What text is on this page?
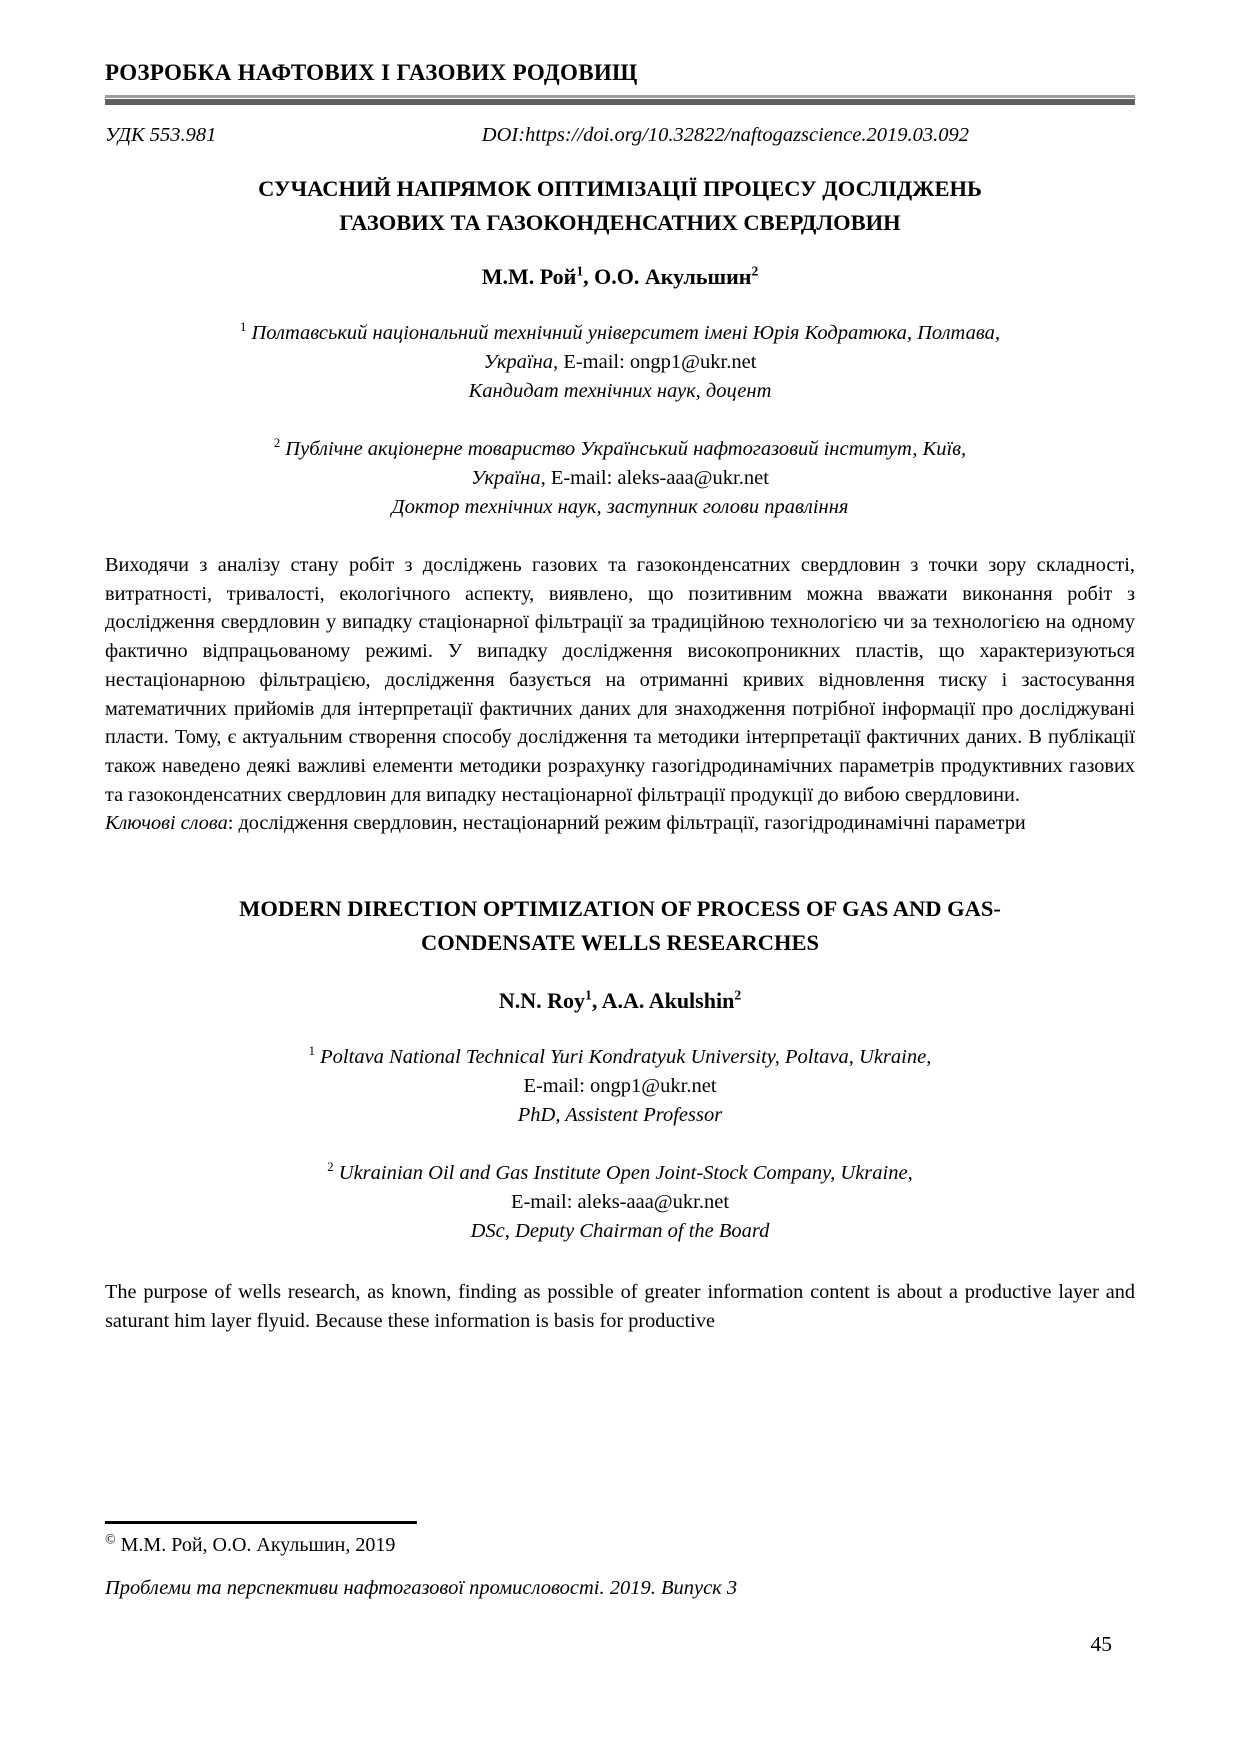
РОЗРОБКА НАФТОВИХ І ГАЗОВИХ РОДОВИЩ
УДК 553.981	DOI:https://doi.org/10.32822/naftogazscience.2019.03.092
СУЧАСНИЙ НАПРЯМОК ОПТИМІЗАЦІЇ ПРОЦЕСУ ДОСЛІДЖЕНЬ
ГАЗОВИХ ТА ГАЗОКОНДЕНСАТНИХ СВЕРДЛОВИН

М.М. Рой$^1$, О.О. Акульшин$^2$

$^1$ Полтавський національний технічний університет імені Юрія Кодратюка, Полтава,
Україна, E-mail: ongp1@ukr.net
Кандидат технічних наук, доцент
$^2$ Публічне акціонерне товариство Український нафтогазовий інститут, Київ,
Україна, E-mail: aleks-aaa@ukr.net
Доктор технічних наук, заступник голови правління

Виходячи з аналізу стану робіт з досліджень газових та газоконденсатних свердловин з точки зору складності, витратності, тривалості, екологічного аспекту, виявлено, що позитивним можна вважати виконання робіт з дослідження свердловин у випадку стаціонарної фільтрації за традиційною технологією чи за технологією на одному фактично відпрацьованому режимі. У випадку дослідження високопроникних пластів, що характеризуються нестаціонарною фільтрацією, дослідження базується на отриманні кривих відновлення тиску і застосування математичних прийомів для інтерпретації фактичних даних для знаходження потрібної інформації про досліджувані пласти. Тому, є актуальним створення способу дослідження та методики інтерпретації фактичних даних. В публікації також наведено деякі важливі елементи методики розрахунку газогідродинамічних параметрів продуктивних газових та газоконденсатних свердловин для випадку нестаціонарної фільтрації продукції до вибою свердловини.

Ключові слова: дослідження свердловин, нестаціонарний режим фільтрації, газогідродинамічні параметри

MODERN DIRECTION OPTIMIZATION OF PROCESS OF GAS AND GAS-
CONDENSATE WELLS RESEARCHES

N.N. Roy$^1$, A.A. Akulshin$^2$

$^1$ Poltava National Technical Yuri Kondratyuk University, Poltava, Ukraine,
E-mail: ongp1@ukr.net
PhD, Assistent Professor
$^2$ Ukrainian Oil and Gas Institute Open Joint-Stock Company, Ukraine,
E-mail: aleks-aaa@ukr.net
DSc, Deputy Chairman of the Board

The purpose of wells research, as known, finding as possible of greater information content is about a productive layer and saturant him layer flyuid. Because these information is basis for productive

© М.М. Рой, О.О. Акульшин, 2019

Проблеми та перспективи нафтогазової промисловості. 2019. Випуск 3

45
